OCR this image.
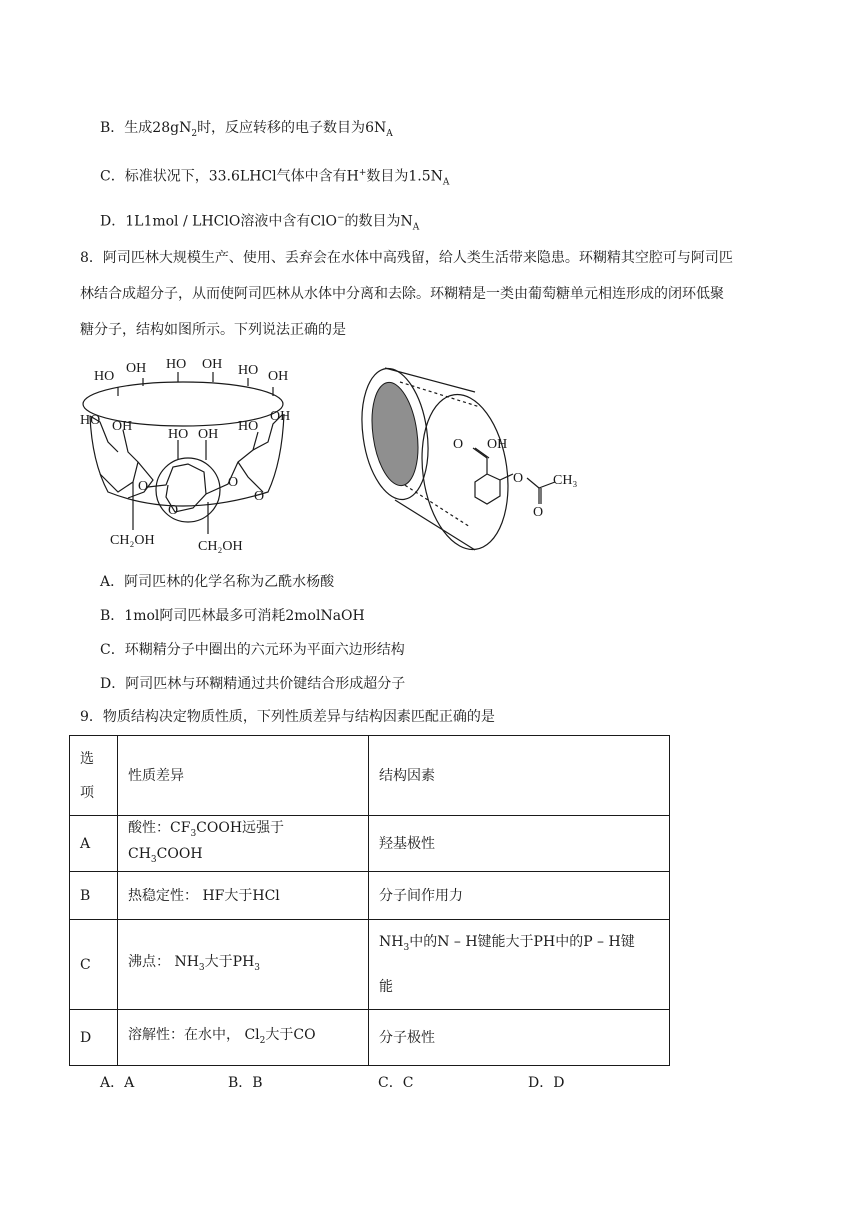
B．生成$28gN_2$时，反应转移的电子数目为$6N_A$
C．标准状况下，33.6LHCl气体中含有H+数目为$1.5N_A$
D．1L1mol / LHClO溶液中含有ClO−的数目为$N_A$
8．阿司匹林大规模生产、使用、丢弃会在水体中高残留，给人类生活带来隐患。环糊精其空腔可与阿司匹
林结合成超分子，从而使阿司匹林从水体中分离和去除。环糊精是一类由葡萄糖单元相连形成的闭环低聚
糖分子，结构如图所示。下列说法正确的是
HO
OH HO OH HO OH
HO OH
HO OH
HO
OH
O
O
O
O
CH₂OH	CH₂OH
O OH
O
O
CH₃
A．阿司匹林的化学名称为乙酰水杨酸
B．1mol阿司匹林最多可消耗2molNaOH
C．环糊精分子中圈出的六元环为平面六边形结构
D．阿司匹林与环糊精通过共价键结合形成超分子
9．物质结构决定物质性质，下列性质差异与结构因素匹配正确的是
选
项	性质差异	结构因素
A	酸性：$CF_3COOH$远强于$CH_3COOH$	羟基极性
B	热稳定性： HF大于HCl	分子间作用力
C	沸点： $NH_3$大于$PH_3$	$NH_3$中的N – H键能大于PH中的P – H键
能

D	溶解性：在水中， $Cl_2$大于CO	分子极性
A．A	B．B	C．C	D．D
